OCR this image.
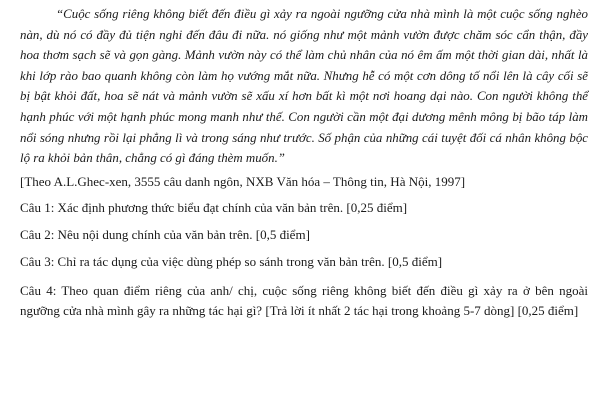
“Cuộc sống riêng không biết đến điều gì xảy ra ngoài ngưỡng cửa nhà mình là một cuộc sống nghèo nàn, dù nó có đầy đủ tiện nghi đến đâu đi nữa. nó giống như một mảnh vườn được chăm sóc cẩn thận, đầy hoa thơm sạch sẽ và gọn gàng. Mảnh vườn này có thể làm chủ nhân của nó êm ấm một thời gian dài, nhất là khi lớp rào bao quanh không còn làm họ vướng mắt nữa. Nhưng hễ có một cơn dông tố nổi lên là cây cối sẽ bị bật khỏi đất, hoa sẽ nát và mảnh vườn sẽ xấu xí hơn bất kì một nơi hoang dại nào. Con người không thể hạnh phúc với một hạnh phúc mong manh như thế. Con người cần một đại dương mênh mông bị bão táp làm nổi sóng nhưng rồi lại phẳng lì và trong sáng như trước. Số phận của những cái tuyệt đối cá nhân không bộc lộ ra khỏi bản thân, chẳng có gì đáng thèm muốn.”

[Theo A.L.Ghec-xen, 3555 câu danh ngôn, NXB Văn hóa – Thông tin, Hà Nội, 1997]

Câu 1: Xác định phương thức biểu đạt chính của văn bản trên. [0,25 điểm]

Câu 2: Nêu nội dung chính của văn bản trên. [0,5 điểm]

Câu 3: Chỉ ra tác dụng của việc dùng phép so sánh trong văn bản trên. [0,5 điểm]

Câu 4: Theo quan điểm riêng của anh/ chị, cuộc sống riêng không biết đến điều gì xảy ra ở bên ngoài ngưỡng cửa nhà mình gây ra những tác hại gì? [Trả lời ít nhất 2 tác hại trong khoảng 5-7 dòng] [0,25 điểm]
